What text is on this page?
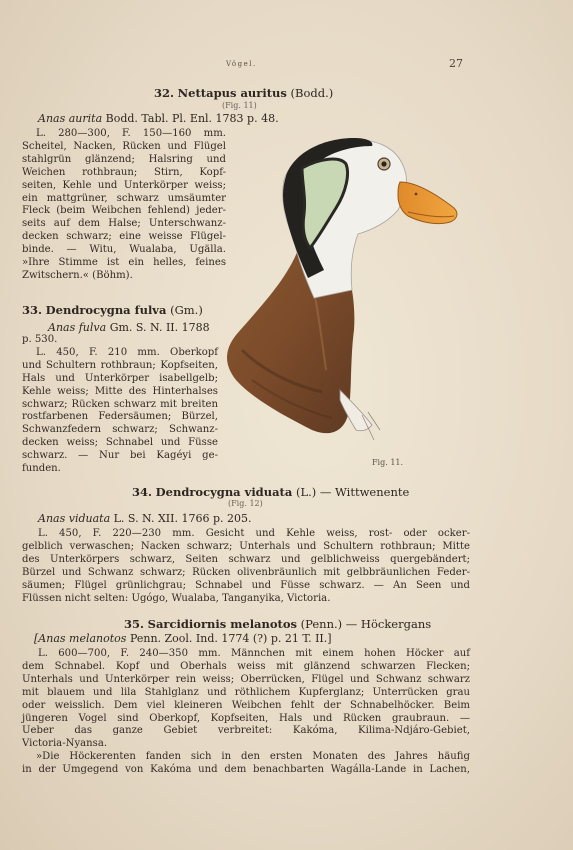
Vögel.	27
32. Nettapus auritus (Bodd.)
(Fig. 11)
Anas aurita Bodd. Tabl. Pl. Enl. 1783 p. 48.
L. 280—300, F. 150—160 mm.
Scheitel, Nacken, Rücken und Flügel
stahlgrün glänzend; Halsring und
Weichen rothbraun; Stirn, Kopf-
seiten, Kehle und Unterkörper weiss;
ein mattgrüner, schwarz umsäumter
Fleck (beim Weibchen fehlend) jeder-
seits auf dem Halse; Unterschwanz-
decken schwarz; eine weisse Flügel-
binde. — Witu, Wualaba, Ugälla.
»Ihre Stimme ist ein helles, feines
Zwitschern.« (Böhm).
33. Dendrocygna fulva (Gm.)
Anas fulva Gm. S. N. II. 1788
p. 530.
L. 450, F. 210 mm. Oberkopf
und Schultern rothbraun; Kopfseiten,
Hals und Unterkörper isabellgelb;
Kehle weiss; Mitte des Hinterhalses
schwarz; Rücken schwarz mit breiten
rostfarbenen Federsäumen; Bürzel,
Schwanzfedern schwarz; Schwanz-
decken weiss; Schnabel und Füsse
schwarz. — Nur bei Kagéyi ge-
funden.
Fig. 11.
34. Dendrocygna viduata (L.) — Wittwenente
(Fig. 12)
Anas viduata L. S. N. XII. 1766 p. 205.
L. 450, F. 220—230 mm. Gesicht und Kehle weiss, rost- oder ocker-
gelblich verwaschen; Nacken schwarz; Unterhals und Schultern rothbraun; Mitte
des Unterkörpers schwarz, Seiten schwarz und gelblichweiss quergebändert;
Bürzel und Schwanz schwarz; Rücken olivenbräunlich mit gelbbräunlichen Feder-
säumen; Flügel grünlichgrau; Schnabel und Füsse schwarz. — An Seen und
Flüssen nicht selten: Ugógo, Wualaba, Tanganyika, Victoria.
35. Sarcidiornis melanotos (Penn.) — Höckergans
[Anas melanotos Penn. Zool. Ind. 1774 (?) p. 21 T. II.]
L. 600—700, F. 240—350 mm. Männchen mit einem hohen Höcker auf
dem Schnabel. Kopf und Oberhals weiss mit glänzend schwarzen Flecken;
Unterhals und Unterkörper rein weiss; Oberrücken, Flügel und Schwanz schwarz
mit blauem und lila Stahlglanz und röthlichem Kupferglanz; Unterrücken grau
oder weisslich. Dem viel kleineren Weibchen fehlt der Schnabelhöcker. Beim
jüngeren Vogel sind Oberkopf, Kopfseiten, Hals und Rücken graubraun. —
Ueber das ganze Gebiet verbreitet: Kakóma, Kilima-Ndjáro-Gebiet,
Victoria-Nyansa.
»Die Höckerenten fanden sich in den ersten Monaten des Jahres häufig
in der Umgegend von Kakóma und dem benachbarten Wagálla-Lande in Lachen,
